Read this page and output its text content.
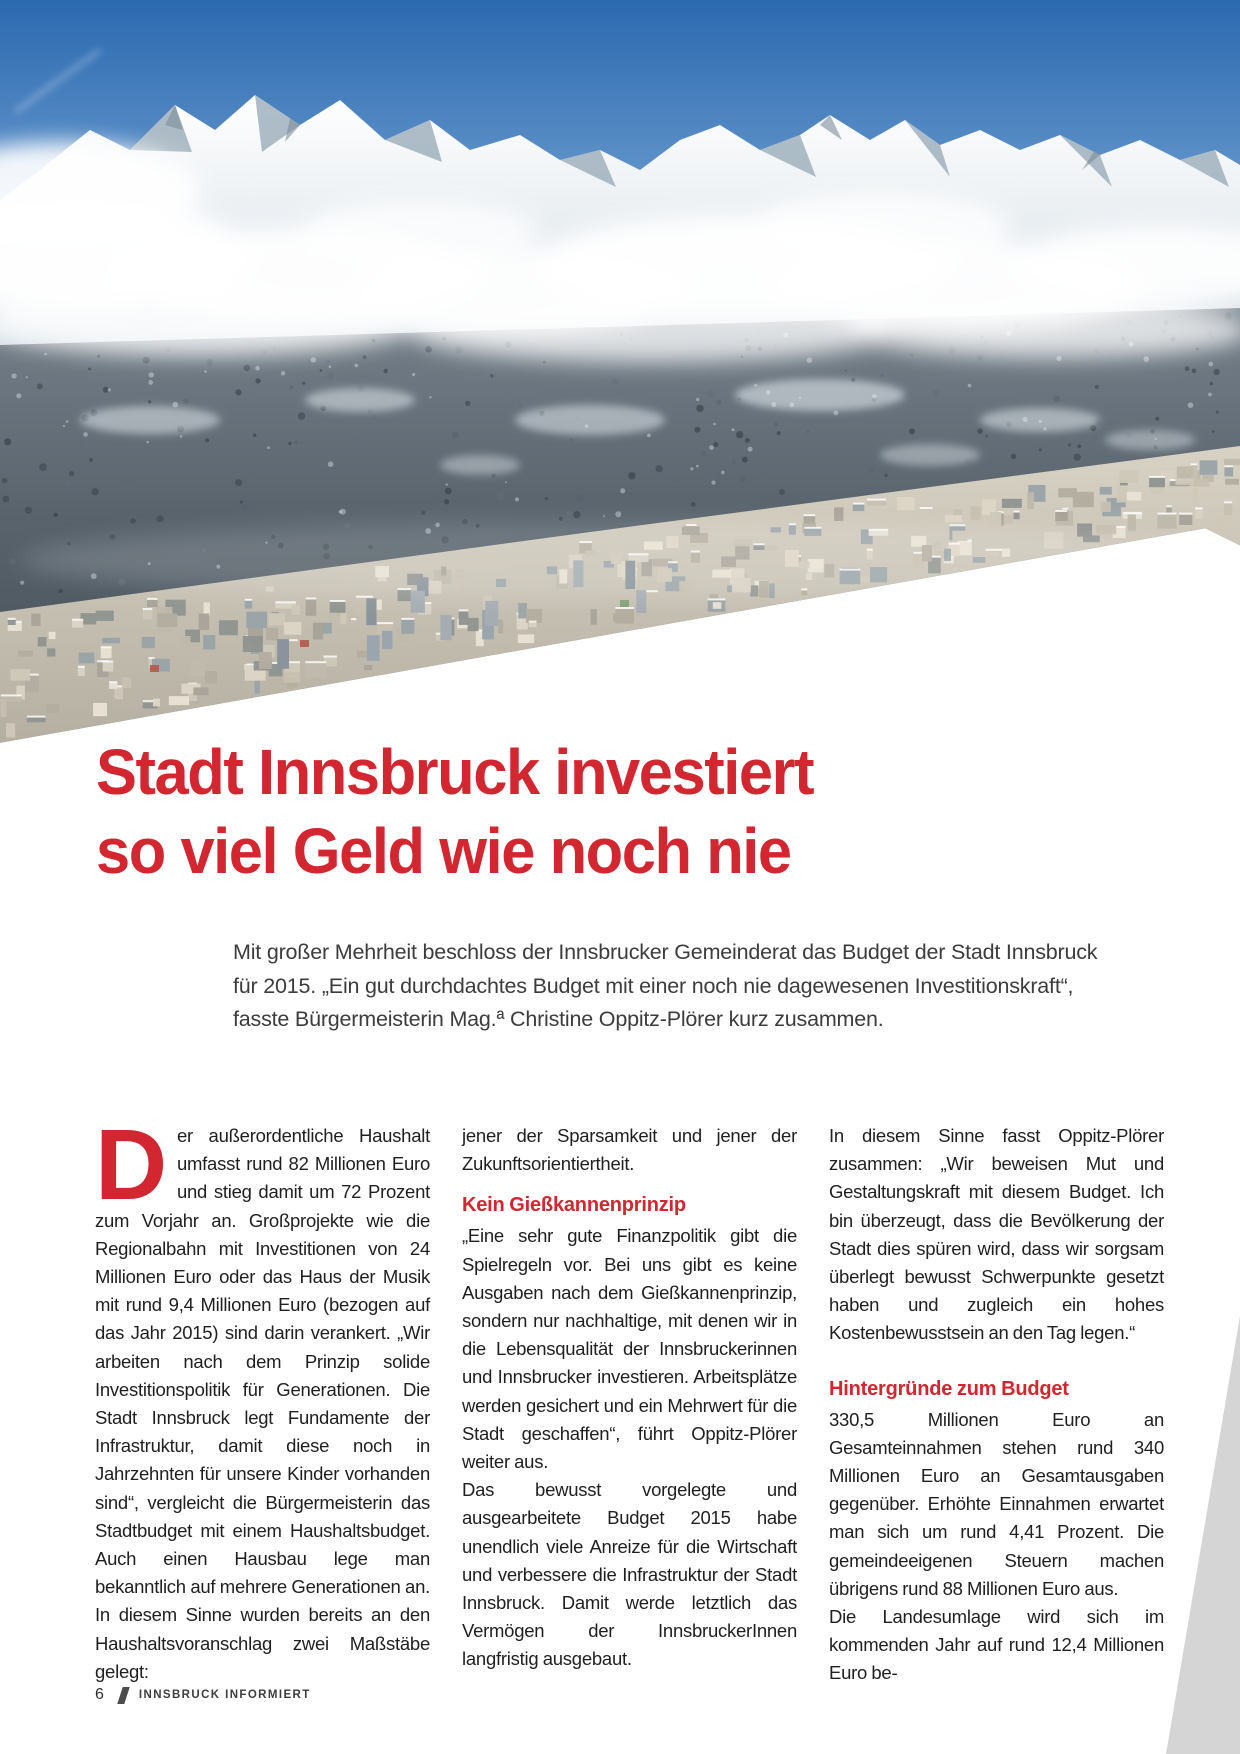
Stadt Innsbruck investiert
so viel Geld wie noch nie
Mit großer Mehrheit beschloss der Innsbrucker Gemeinderat das Budget der Stadt Innsbruck für 2015. „Ein gut durchdachtes Budget mit einer noch nie dagewesenen Investitionskraft“, fasste Bürgermeisterin Mag.ª Christine Oppitz-Plörer kurz zusammen.

Der außerordentliche Haushalt umfasst rund 82 Millionen Euro und stieg damit um 72 Prozent zum Vorjahr an. Großprojekte wie die Regionalbahn mit Investitionen von 24 Millionen Euro oder das Haus der Musik mit rund 9,4 Millionen Euro (bezogen auf das Jahr 2015) sind darin verankert. „Wir arbeiten nach dem Prinzip solide Investitionspolitik für Generationen. Die Stadt Innsbruck legt Fundamente der Infrastruktur, damit diese noch in Jahrzehnten für unsere Kinder vorhanden sind“, vergleicht die Bürgermeisterin das Stadtbudget mit einem Haushaltsbudget. Auch einen Hausbau lege man bekanntlich auf mehrere Generationen an. In diesem Sinne wurden bereits an den Haushaltsvoranschlag zwei Maßstäbe gelegt:

jener der Sparsamkeit und jener der Zukunftsorientiertheit.

Kein Gießkannenprinzip

„Eine sehr gute Finanzpolitik gibt die Spielregeln vor. Bei uns gibt es keine Ausgaben nach dem Gießkannenprinzip, sondern nur nachhaltige, mit denen wir in die Lebensqualität der Innsbruckerinnen und Innsbrucker investieren. Arbeitsplätze werden gesichert und ein Mehrwert für die Stadt geschaffen“, führt Oppitz-Plörer weiter aus.

Das bewusst vorgelegte und ausgearbeitete Budget 2015 habe unendlich viele Anreize für die Wirtschaft und verbessere die Infrastruktur der Stadt Innsbruck. Damit werde letztlich das Vermögen der InnsbruckerInnen langfristig ausgebaut.

In diesem Sinne fasst Oppitz-Plörer zusammen: „Wir beweisen Mut und Gestaltungskraft mit diesem Budget. Ich bin überzeugt, dass die Bevölkerung der Stadt dies spüren wird, dass wir sorgsam überlegt bewusst Schwerpunkte gesetzt haben und zugleich ein hohes Kostenbewusstsein an den Tag legen.“

Hintergründe zum Budget

330,5 Millionen Euro an Gesamteinnahmen stehen rund 340 Millionen Euro an Gesamtausgaben gegenüber. Erhöhte Einnahmen erwartet man sich um rund 4,41 Prozent. Die gemeindeeigenen Steuern machen übrigens rund 88 Millionen Euro aus.

Die Landesumlage wird sich im kommenden Jahr auf rund 12,4 Millionen Euro be-

6	INNSBRUCK INFORMIERT
